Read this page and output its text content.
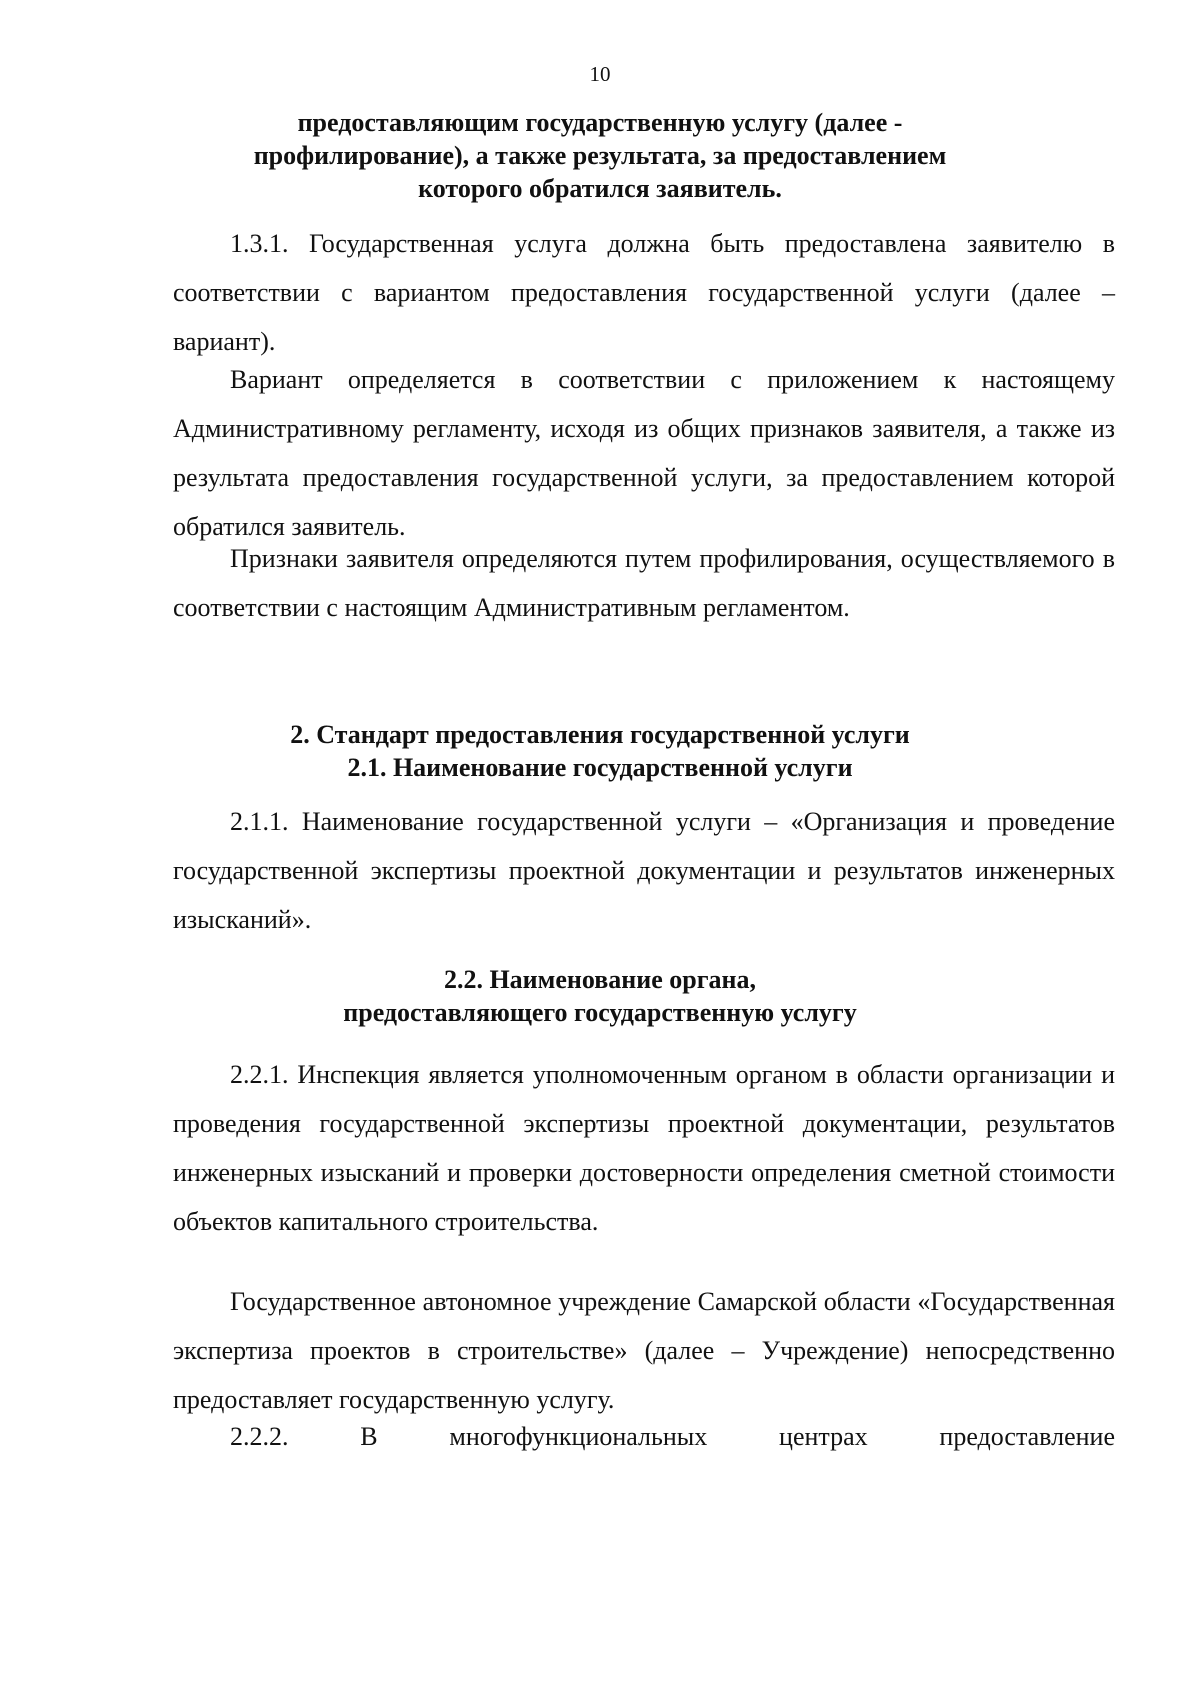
10
предоставляющим государственную услугу (далее -
профилирование), а также результата, за предоставлением
которого обратился заявитель.

1.3.1. Государственная услуга должна быть предоставлена заявителю в соответствии с вариантом предоставления государственной услуги (далее – вариант).

Вариант определяется в соответствии с приложением к настоящему Административному регламенту, исходя из общих признаков заявителя, а также из результата предоставления государственной услуги, за предоставлением которой обратился заявитель.

Признаки заявителя определяются путем профилирования, осуществляемого в соответствии с настоящим Административным регламентом.

2. Стандарт предоставления государственной услуги
2.1. Наименование государственной услуги

2.1.1. Наименование государственной услуги – «Организация и проведение государственной экспертизы проектной документации и результатов инженерных изысканий».

2.2. Наименование органа,
предоставляющего государственную услугу

2.2.1. Инспекция является уполномоченным органом в области организации и проведения государственной экспертизы проектной документации, результатов инженерных изысканий и проверки достоверности определения сметной стоимости объектов капитального строительства.

Государственное автономное учреждение Самарской области «Государственная экспертиза проектов в строительстве» (далее – Учреждение) непосредственно предоставляет государственную услугу.

2.2.2. В многофункциональных центрах предоставление
